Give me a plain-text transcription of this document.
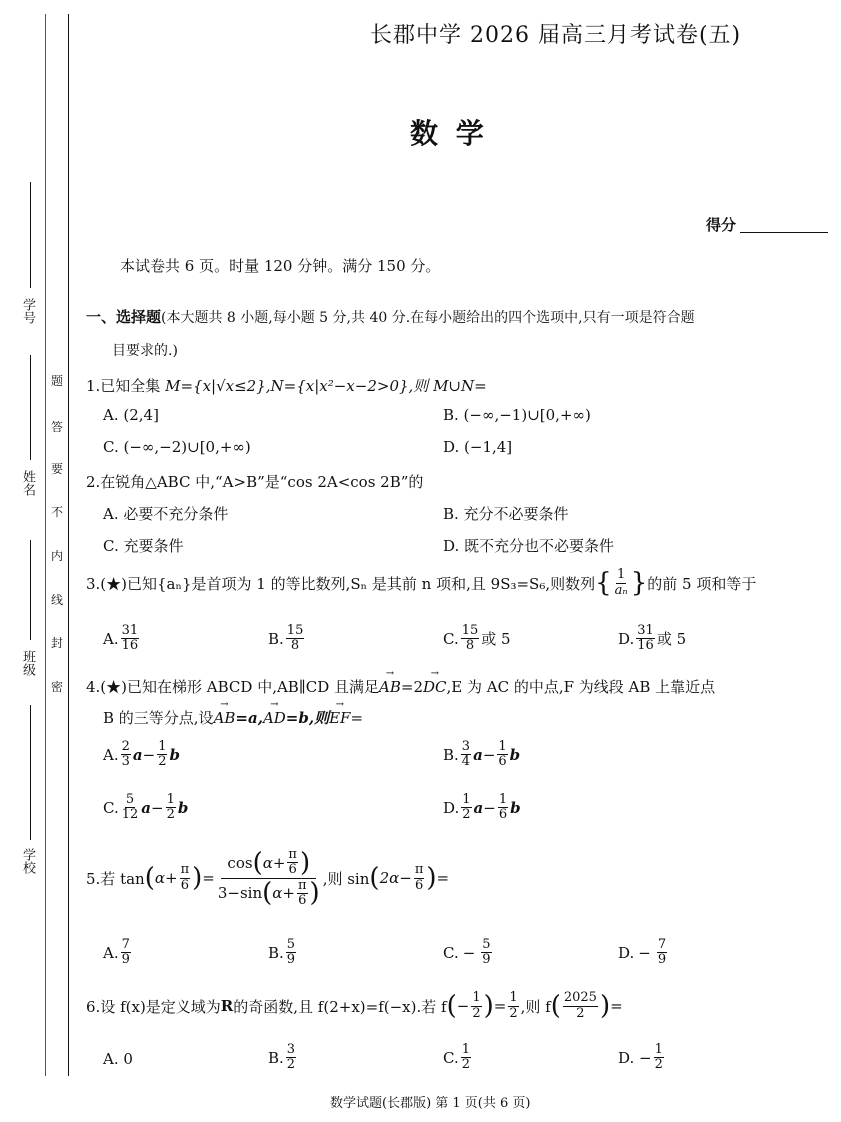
学号
姓名
班级
学校
题
答
要
不
内
线
封
密
长郡中学 2026 届高三月考试卷(五)
数 学
得分
本试卷共 6 页。时量 120 分钟。满分 150 分。
一、选择题(本大题共 8 小题,每小题 5 分,共 40 分.在每小题给出的四个选项中,只有一项是符合题
目要求的.)
1.已知全集 M={x|√x≤2},N={x|x²−x−2>0},则 M∪N=
A. (2,4]	B. (−∞,−1)∪[0,+∞)
C. (−∞,−2)∪[0,+∞)	D. (−1,4]
2.在锐角△ABC 中,“A>B”是“cos 2A<cos 2B”的
A. 必要不充分条件	B. 充分不必要条件
C. 充要条件	D. 既不充分也不必要条件
3.(★)已知{aₙ}是首项为 1 的等比数列,Sₙ 是其前 n 项和,且 9S₃=S₆,则数列 { $\frac{1}{\text{aₙ}}$ } 的前 5 项和等于
A. $\frac{31}{16}$	B. $\frac{15}{8}$	C. $\frac{15}{8}$ 或 5	D. $\frac{31}{16}$ 或 5
4.(★)已知在梯形 ABCD 中,AB∥CD 且满足→ AB=2→ DC,E 为 AC 的中点,F 为线段 AB 上靠近点
B 的三等分点,设→ AB=a,→ AD=b,则→ EF=
A. $\frac{2}{3}$ $a - \frac{1}{2}$ b	B. $\frac{3}{4}$ $a - \frac{1}{6}$ b
C. $\frac{5}{12}$ $a - \frac{1}{2}$ b	D. $\frac{1}{2}$ $a - \frac{1}{6}$ b
5.若 tan ( $\alpha+ \frac{\pi}{6}$ ) = $\frac{\cos ( \alpha+ \frac{\pi}{6} )}{3-\sin ( \alpha+ \frac{\pi}{6} )}$ ,则 sin ( $2\alpha- \frac{\pi}{6}$ ) =
A. $\frac{7}{9}$	B. $\frac{5}{9}$	C. − $\frac{5}{9}$	D. − $\frac{7}{9}$
6.设 f(x)是定义域为 R 的奇函数,且 f(2+x)=f(−x).若 f ( − $\frac{1}{2}$ ) = $\frac{1}{2}$ ,则 f ( $\frac{2025}{2}$ ) =
A. 0	B. $\frac{3}{2}$	C. $\frac{1}{2}$	D. − $\frac{1}{2}$
数学试题(长郡版) 第 1 页(共 6 页)
